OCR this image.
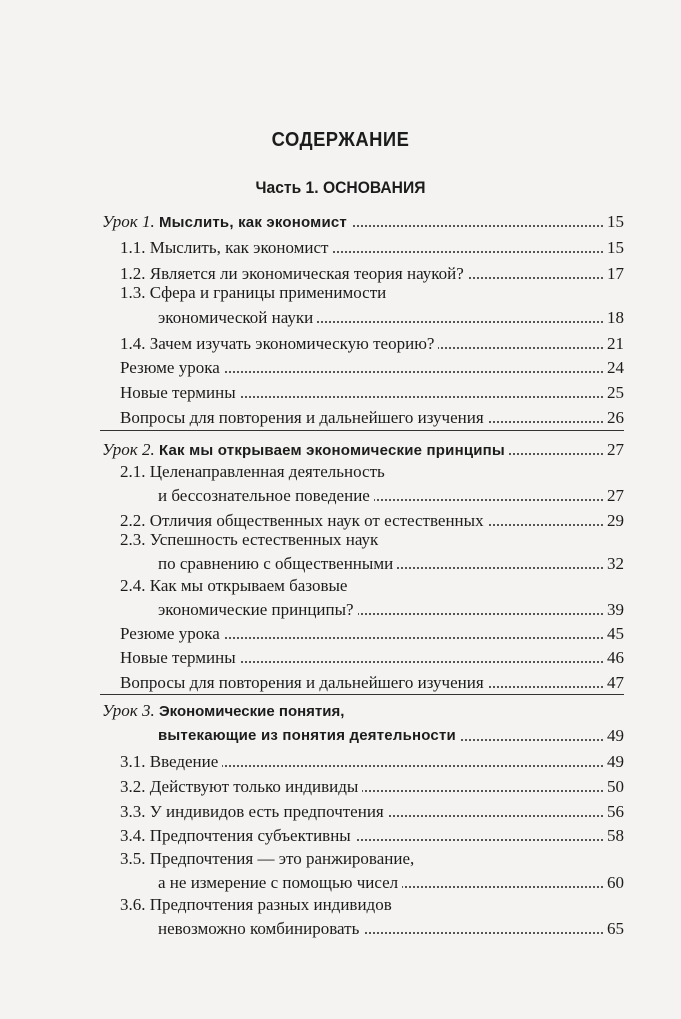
СОДЕРЖАНИЕ
Часть 1. ОСНОВАНИЯ
Урок 1. Мыслить, как экономист	15
1.1. Мыслить, как экономист	15
1.2. Является ли экономическая теория наукой?	17
1.3. Сфера и границы применимости
экономической науки	18
1.4. Зачем изучать экономическую теорию?	21
Резюме урока	24
Новые термины	25
Вопросы для повторения и дальнейшего изучения	26
Урок 2. Как мы открываем экономические принципы	27
2.1. Целенаправленная деятельность
и бессознательное поведение	27
2.2. Отличия общественных наук от естественных	29
2.3. Успешность естественных наук
по сравнению с общественными	32
2.4. Как мы открываем базовые
экономические принципы?	39
Резюме урока	45
Новые термины	46
Вопросы для повторения и дальнейшего изучения	47
Урок 3. Экономические понятия,
вытекающие из понятия деятельности	49
3.1. Введение	49
3.2. Действуют только индивиды	50
3.3. У индивидов есть предпочтения	56
3.4. Предпочтения субъективны	58
3.5. Предпочтения — это ранжирование,
а не измерение с помощью чисел	60
3.6. Предпочтения разных индивидов
невозможно комбинировать	65
